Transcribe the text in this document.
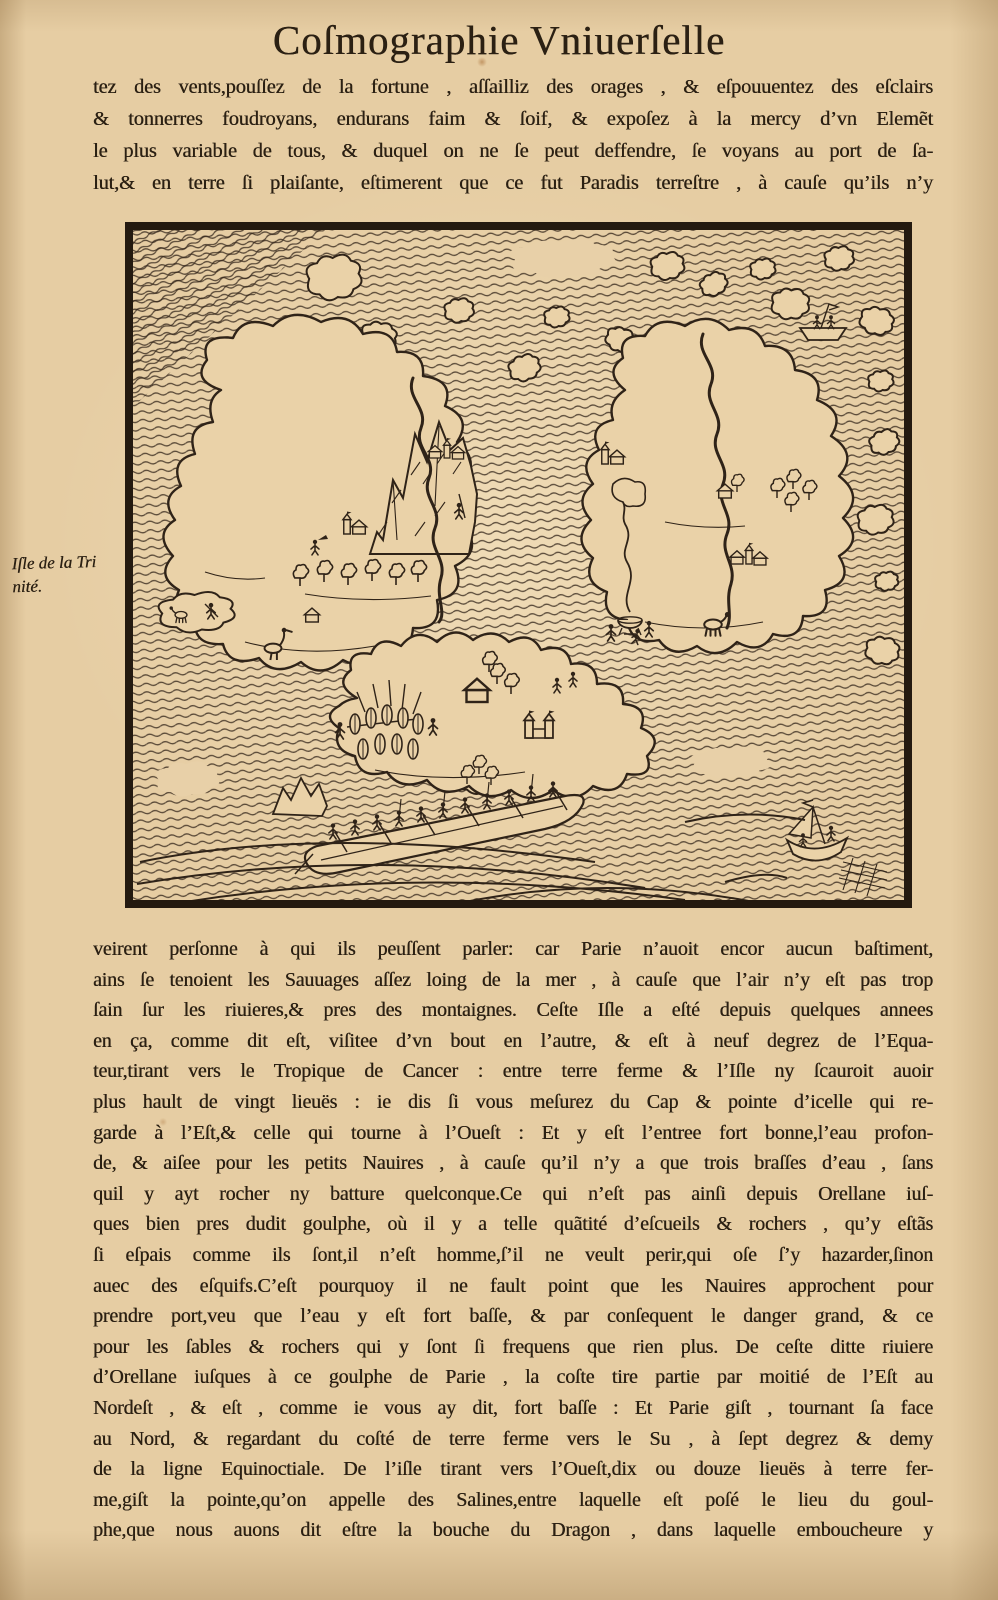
Coſmographie Vniuerſelle
tez des vents,pouſſez de la fortune , aſſailliz des orages , & eſpouuentez des eſclairs
& tonnerres foudroyans, endurans faim & ſoif, & expoſez à la mercy d’vn Elemẽt
le plus variable de tous, & duquel on ne ſe peut deffendre, ſe voyans au port de ſa-
lut,& en terre ſi plaiſante, eſtimerent que ce fut Paradis terreſtre , à cauſe qu’ils n’y
Iſle de la Tri
nité.
veirent perſonne à qui ils peuſſent parler: car Parie n’auoit encor aucun baſtiment,
ains ſe tenoient les Sauuages aſſez loing de la mer , à cauſe que l’air n’y eſt pas trop
ſain ſur les riuieres,& pres des montaignes. Ceſte Iſle a eſté depuis quelques annees
en ça, comme dit eſt, viſitee d’vn bout en l’autre, & eſt à neuf degrez de l’Equa-
teur,tirant vers le Tropique de Cancer : entre terre ferme & l’Iſle ny ſcauroit auoir
plus hault de vingt lieuës : ie dis ſi vous meſurez du Cap & pointe d’icelle qui re-
garde à l’Eſt,& celle qui tourne à l’Oueſt : Et y eſt l’entree fort bonne,l’eau profon-
de, & aiſee pour les petits Nauires , à cauſe qu’il n’y a que trois braſſes d’eau , ſans
quil y ayt rocher ny batture quelconque.Ce qui n’eſt pas ainſi depuis Orellane iuſ-
ques bien pres dudit goulphe, où il y a telle quãtité d’eſcueils & rochers , qu’y eſtãs
ſi eſpais comme ils ſont,il n’eſt homme,ſ’il ne veult perir,qui oſe ſ’y hazarder,ſinon
auec des eſquifs.C’eſt pourquoy il ne fault point que les Nauires approchent pour
prendre port,veu que l’eau y eſt fort baſſe, & par conſequent le danger grand, & ce
pour les ſables & rochers qui y ſont ſi frequens que rien plus. De ceſte ditte riuiere
d’Orellane iuſques à ce goulphe de Parie , la coſte tire partie par moitié de l’Eſt au
Nordeſt , & eſt , comme ie vous ay dit, fort baſſe : Et Parie giſt , tournant ſa face
au Nord, & regardant du coſté de terre ferme vers le Su , à ſept degrez & demy
de la ligne Equinoctiale. De l’iſle tirant vers l’Oueſt,dix ou douze lieuës à terre fer-
me,giſt la pointe,qu’on appelle des Salines,entre laquelle eſt poſé le lieu du goul-
phe,que nous auons dit eſtre la bouche du Dragon , dans laquelle emboucheure y
